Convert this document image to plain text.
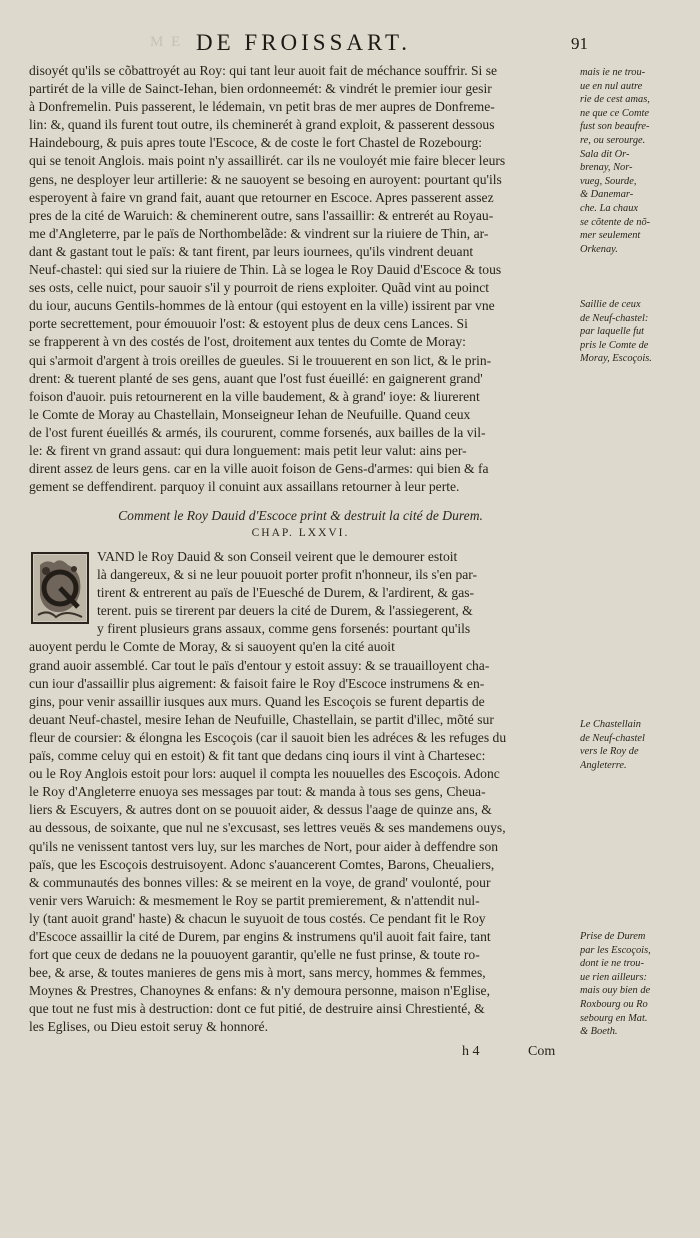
M E DE FROISSART.	91
disoyét qu'ils se cõbattroyét au Roy: qui tant leur auoit fait de méchance souffrir. Si se
partirét de la ville de Sainct-Iehan, bien ordonneemét: & vindrét le premier iour gesir
à Donfremelin. Puis passerent, le lédemain, vn petit bras de mer aupres de Donfreme-
lin: &, quand ils furent tout outre, ils cheminerét à grand exploit, & passerent dessous
Haindebourg, & puis apres toute l'Escoce, & de coste le fort Chastel de Rozebourg:
qui se tenoit Anglois. mais point n'y assaillirét. car ils ne vouloyét mie faire blecer leurs
gens, ne desployer leur artillerie: & ne sauoyent se besoing en auroyent: pourtant qu'ils
esperoyent à faire vn grand fait, auant que retourner en Escoce. Apres passerent assez
pres de la cité de Waruich: & cheminerent outre, sans l'assaillir: & entrerét au Royau-
me d'Angleterre, par le païs de Northombelãde: & vindrent sur la riuiere de Thin, ar-
dant & gastant tout le païs: & tant firent, par leurs iournees, qu'ils vindrent deuant
Neuf-chastel: qui sied sur la riuiere de Thin. Là se logea le Roy Dauid d'Escoce & tous
ses osts, celle nuict, pour sauoir s'il y pourroit de riens exploiter. Quãd vint au poinct
du iour, aucuns Gentils-hommes de là entour (qui estoyent en la ville) issirent par vne
porte secrettement, pour émouuoir l'ost: & estoyent plus de deux cens Lances. Si
se frapperent à vn des costés de l'ost, droitement aux tentes du Comte de Moray:
qui s'armoit d'argent à trois oreilles de gueules. Si le trouuerent en son lict, & le prin-
drent: & tuerent planté de ses gens, auant que l'ost fust éueillé: en gaignerent grand'
foison d'auoir. puis retournerent en la ville baudement, & à grand' ioye: & liurerent
le Comte de Moray au Chastellain, Monseigneur Iehan de Neufuille. Quand ceux
de l'ost furent éueillés & armés, ils coururent, comme forsenés, aux bailles de la vil-
le: & firent vn grand assaut: qui dura longuement: mais petit leur valut: ains per-
dirent assez de leurs gens. car en la ville auoit foison de Gens-d'armes: qui bien & fa
gement se deffendirent. parquoy il conuint aux assaillans retourner à leur perte.
Comment le Roy Dauid d'Escoce print & destruit la cité de Durem.
CHAP. LXXVI.
VAND le Roy Dauid & son Conseil veirent que le demourer estoit
là dangereux, & si ne leur pouuoit porter profit n'honneur, ils s'en par-
tirent & entrerent au païs de l'Euesché de Durem, & l'ardirent, & gas-
terent. puis se tirerent par deuers la cité de Durem, & l'assiegerent, &
y firent plusieurs grans assaux, comme gens forsenés: pourtant qu'ils
auoyent perdu le Comte de Moray, & si sauoyent qu'en la cité auoit
grand auoir assemblé. Car tout le païs d'entour y estoit assuy: & se trauailloyent cha-
cun iour d'assaillir plus aigrement: & faisoit faire le Roy d'Escoce instrumens & en-
gins, pour venir assaillir iusques aux murs. Quand les Escoçois se furent departis de
deuant Neuf-chastel, mesire Iehan de Neufuille, Chastellain, se partit d'illec, mõté sur
fleur de coursier: & élongna les Escoçois (car il sauoit bien les adréces & les refuges du
païs, comme celuy qui en estoit) & fit tant que dedans cinq iours il vint à Chartesec:
ou le Roy Anglois estoit pour lors: auquel il compta les nouuelles des Escoçois. Adonc
le Roy d'Angleterre enuoya ses messages par tout: & manda à tous ses gens, Cheua-
liers & Escuyers, & autres dont on se pouuoit aider, & dessus l'aage de quinze ans, &
au dessous, de soixante, que nul ne s'excusast, ses lettres veuës & ses mandemens ouys,
qu'ils ne venissent tantost vers luy, sur les marches de Nort, pour aider à deffendre son
païs, que les Escoçois destruisoyent. Adonc s'auancerent Comtes, Barons, Cheualiers,
& communautés des bonnes villes: & se meirent en la voye, de grand' voulonté, pour
venir vers Waruich: & mesmement le Roy se partit premierement, & n'attendit nul-
ly (tant auoit grand' haste) & chacun le suyuoit de tous costés. Ce pendant fit le Roy
d'Escoce assaillir la cité de Durem, par engins & instrumens qu'il auoit fait faire, tant
fort que ceux de dedans ne la pouuoyent garantir, qu'elle ne fust prinse, & toute ro-
bee, & arse, & toutes manieres de gens mis à mort, sans mercy, hommes & femmes,
Moynes & Prestres, Chanoynes & enfans: & n'y demoura personne, maison n'Eglise,
que tout ne fust mis à destruction: dont ce fut pitié, de destruire ainsi Chrestienté, &
les Eglises, ou Dieu estoit seruy & honnoré.
h 4	Com
mais ie ne trou-
ue en nul autre
rie de cest amas,
ne que ce Comte
fust son beaufre-
re, ou serourge.
Sala dit Or-
brenay, Nor-
vueg, Sourde,
& Danemar-
che. La chaux
se cõtente de nõ-
mer seulement
Orkenay.
Saillie de ceux
de Neuf-chastel:
par laquelle fut
pris le Comte de
Moray, Escoçois.
Le Chastellain
de Neuf-chastel
vers le Roy de
Angleterre.
Prise de Durem
par les Escoçois,
dont ie ne trou-
ue rien ailleurs:
mais ouy bien de
Roxbourg ou Ro
sebourg en Mat.
& Boeth.
